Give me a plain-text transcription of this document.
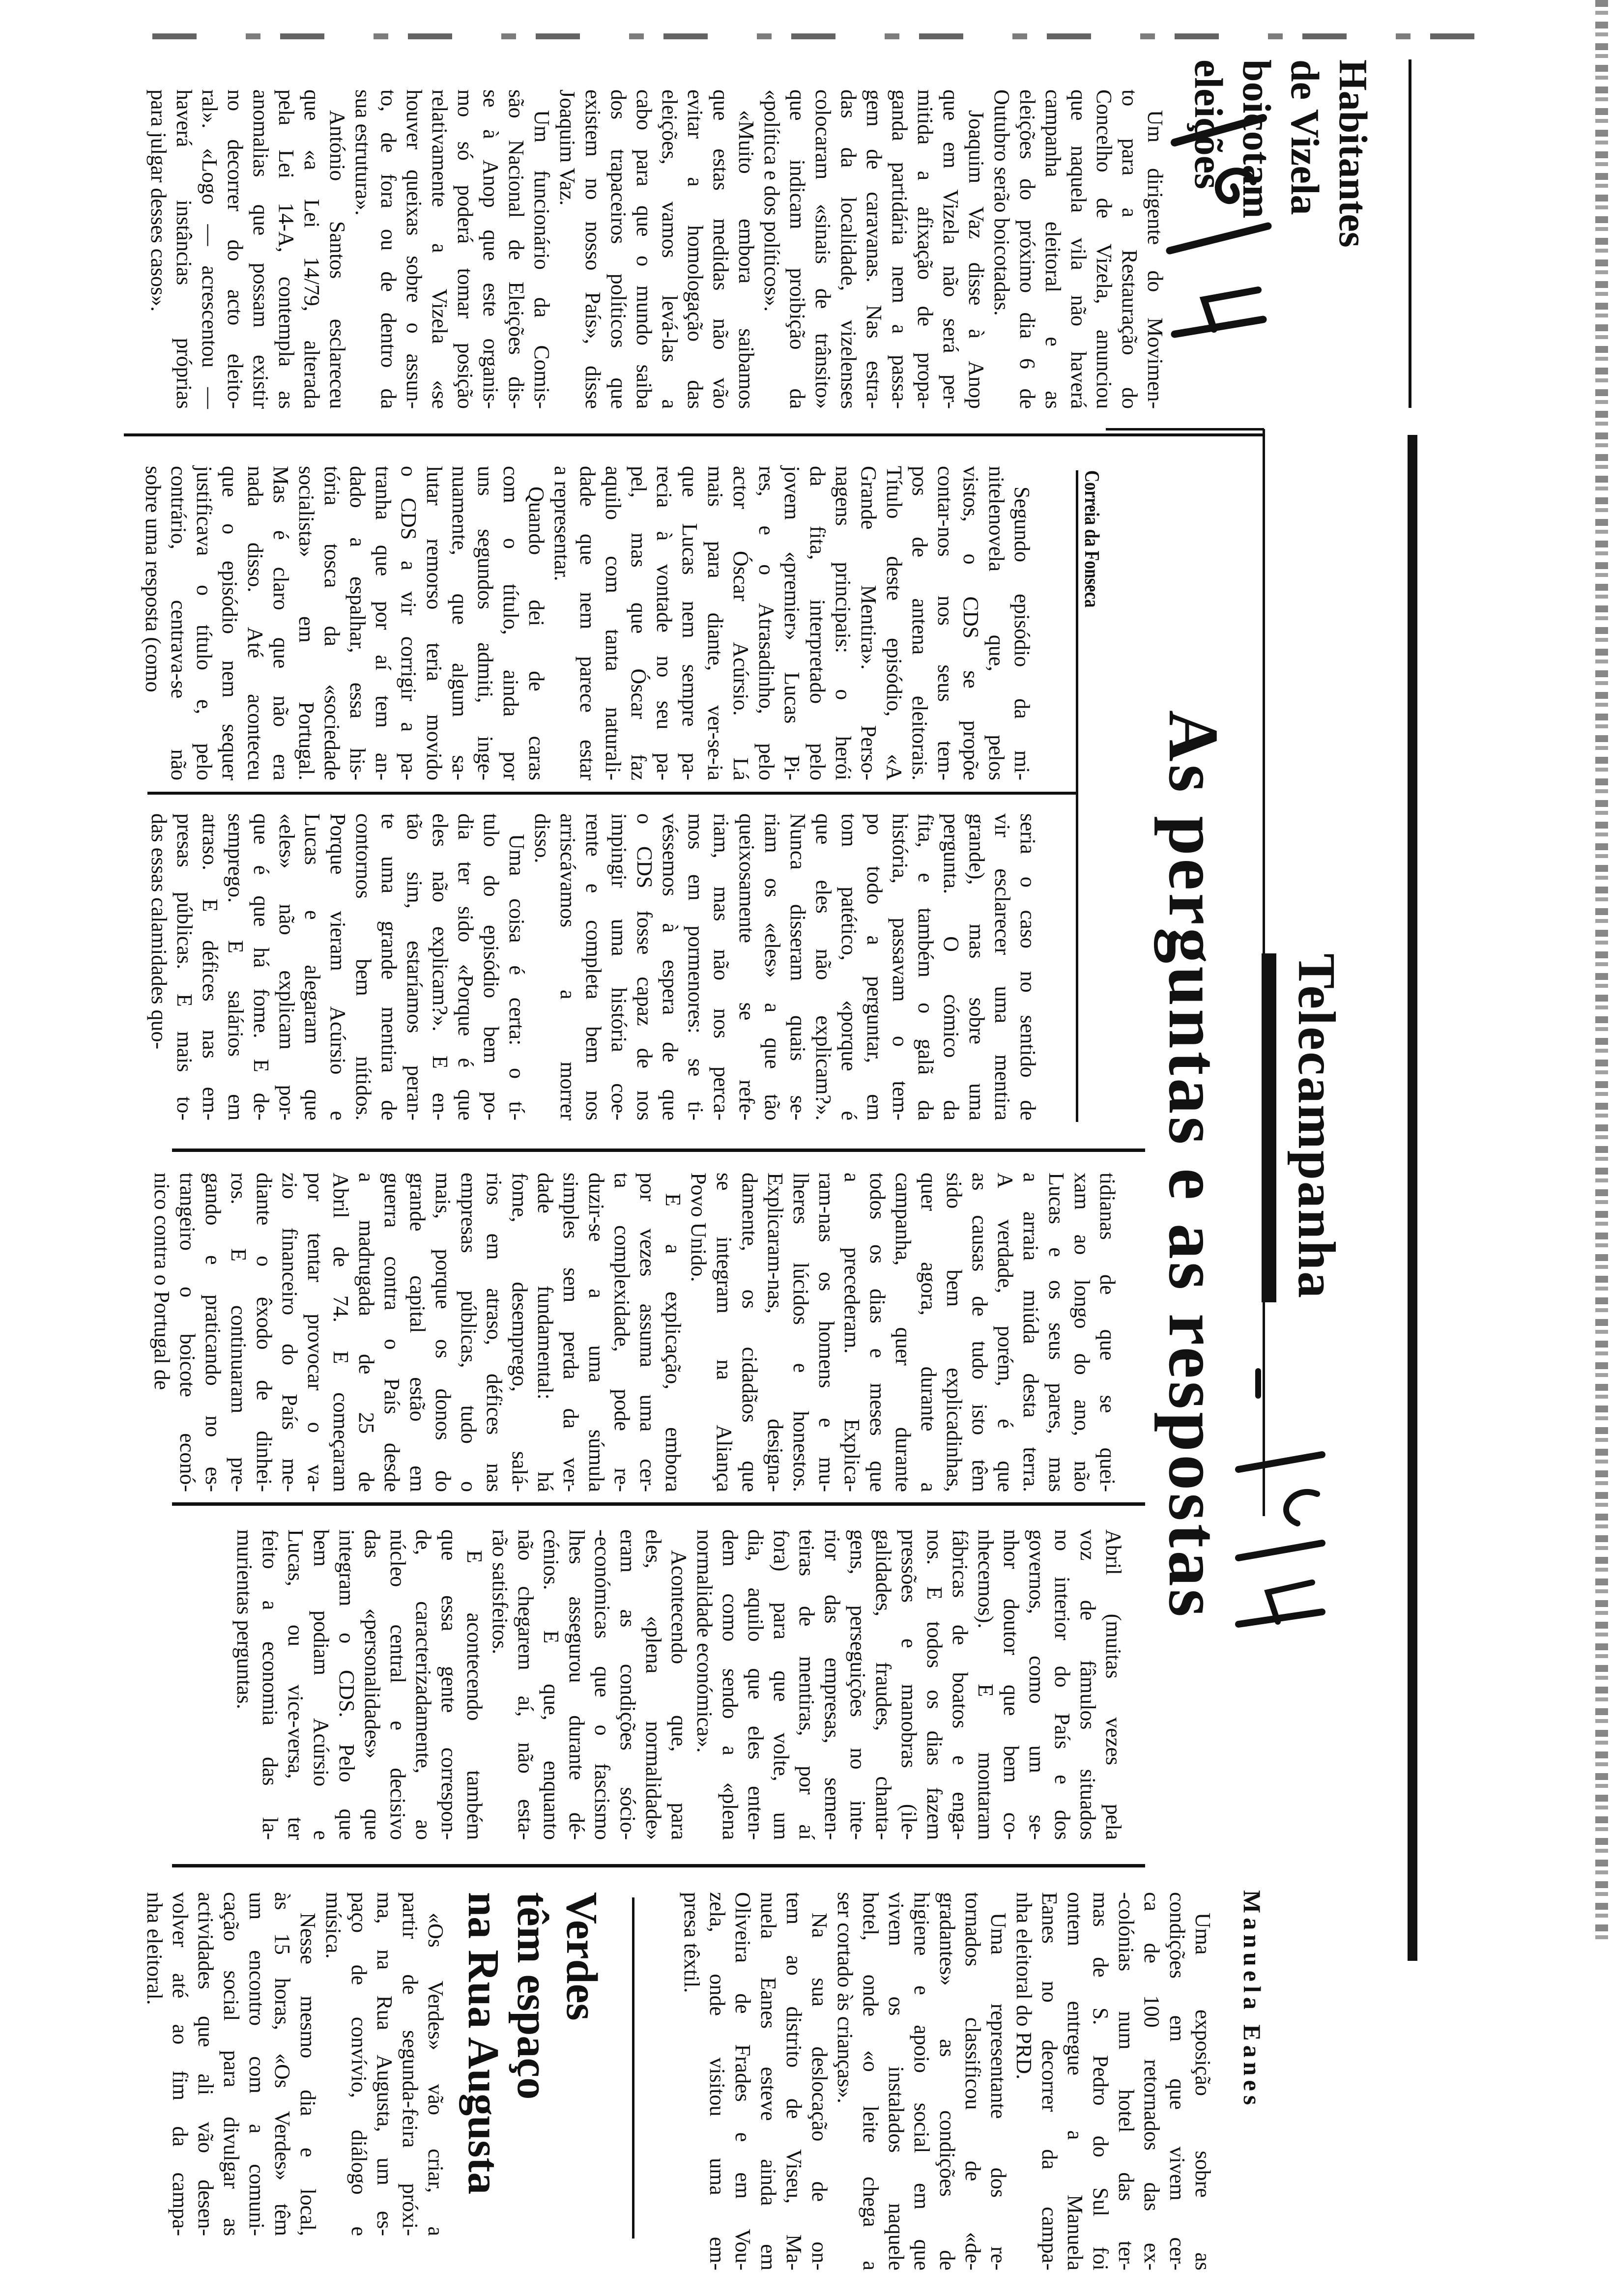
Habitantes
de Vizela
boicotam
eleições
Um dirigente do Movimen-
to para a Restauração do
Concelho de Vizela, anunciou
que naquela vila não haverá
campanha eleitoral e as
eleições do próximo dia 6 de
Outubro serão boicotadas.
Joaquim Vaz disse à Anop
que em Vizela não será per-
mitida a afixação de propa-
ganda partidária nem a passa-
gem de caravanas. Nas estra-
das da localidade, vizelenses
colocaram «sinais de trânsito»
que indicam proibição da
«política e dos políticos».
«Muito embora saibamos
que estas medidas não vão
evitar a homologação das
eleições, vamos levá-las a
cabo para que o mundo saiba
dos trapaceiros políticos que
existem no nosso País», disse
Joaquim Vaz.
Um funcionário da Comis-
são Nacional de Eleições dis-
se à Anop que este organis-
mo só poderá tomar posição
relativamente a Vizela «se
houver queixas sobre o assun-
to, de fora ou de dentro da
sua estrutura».
António Santos esclareceu
que «a Lei 14/79, alterada
pela Lei 14-A, contempla as
anomalias que possam existir
no decorrer do acto eleito-
ral». «Logo — acrescentou —
haverá instâncias próprias
para julgar desses casos».
Telecampanha
As perguntas e as respostas
Correia da Fonseca
Segundo episódio da mi-
nitelenovela que, pelos
vistos, o CDS se propõe
contar-nos nos seus tem-
pos de antena eleitorais.
Título deste episódio, «A
Grande Mentira». Perso-
nagens principais: o herói
da fita, interpretado pelo
jovem «premier» Lucas Pi-
res, e o Atrasadinho, pelo
actor Óscar Acúrsio. Lá
mais para diante, ver-se-ia
que Lucas nem sempre pa-
recia à vontade no seu pa-
pel, mas que Óscar faz
aquilo com tanta naturali-
dade que nem parece estar
a representar.
Quando dei de caras
com o título, ainda por
uns segundos admiti, inge-
nuamente, que algum sa-
lutar remorso teria movido
o CDS a vir corrigir a pa-
tranha que por aí tem an-
dado a espalhar, essa his-
tória tosca da «sociedade
socialista» em Portugal.
Mas é claro que não era
nada disso. Até aconteceu
que o episódio nem sequer
justificava o título e, pelo
contrário, centrava-se não
sobre uma resposta (como
seria o caso no sentido de
vir esclarecer uma mentira
grande), mas sobre uma
pergunta. O cómico da
fita, e também o galã da
história, passavam o tem-
po todo a perguntar, em
tom patético, «porque é
que eles não explicam?».
Nunca disseram quais se-
riam os «eles» a que tão
queixosamente se refe-
riam, mas não nos perca-
mos em pormenores: se ti-
véssemos à espera de que
o CDS fosse capaz de nos
impingir uma história coe-
rente e completa bem nos
arriscávamos a morrer
disso.
Uma coisa é certa: o tí-
tulo do episódio bem po-
dia ter sido «Porque é que
eles não explicam?». E en-
tão sim, estaríamos peran-
te uma grande mentira de
contornos bem nítidos.
Porque vieram Acúrsio e
Lucas e alegaram que
«eles» não explicam por-
que é que há fome. E de-
semprego. E salários em
atraso. E défices nas em-
presas públicas. E mais to-
das essas calamidades quo-
tidianas de que se quei-
xam ao longo do ano, não
Lucas e os seus pares, mas
a arraia miúda desta terra.
A verdade, porém, é que
as causas de tudo isto têm
sido bem explicadinhas,
quer agora, durante a
campanha, quer durante
todos os dias e meses que
a precederam. Explica-
ram-nas os homens e mu-
lheres lúcidos e honestos.
Explicaram-nas, designa-
damente, os cidadãos que
se integram na Aliança
Povo Unido.
E a explicação, embora
por vezes assuma uma cer-
ta complexidade, pode re-
duzir-se a uma súmula
simples sem perda da ver-
dade fundamental: há
fome, desemprego, salá-
rios em atraso, défices nas
empresas públicas, tudo o
mais, porque os donos do
grande capital estão em
guerra contra o País desde
a madrugada de 25 de
Abril de 74. E começaram
por tentar provocar o va-
zio financeiro do País me-
diante o êxodo de dinhei-
ros. E continuaram pre-
gando e praticando no es-
trangeiro o boicote econó-
nico contra o Portugal de
Abril (muitas vezes pela
voz de fâmulos situados
no interior do País e dos
governos, como um se-
nhor doutor que bem co-
nhecemos). E montaram
fábricas de boatos e enga-
nos. E todos os dias fazem
pressões e manobras (ile-
galidades, fraudes, chanta-
gens, perseguições no inte-
rior das empresas, semen-
teiras de mentiras, por aí
fora) para que volte, um
dia, aquilo que eles enten-
dem como sendo a «plena
normalidade económica».
Acontecendo que, para
eles, «plena normalidade»
eram as condições sócio-
-económicas que o fascismo
lhes assegurou durante dé-
cénios. E que, enquanto
não chegarem aí, não esta-
rão satisfeitos.
E acontecendo também
que essa gente correspon-
de, caracterizadamente, ao
núcleo central e decisivo
das «personalidades» que
integram o CDS. Pelo que
bem podiam Acúrsio e
Lucas, ou vice-versa, ter
feito a economia das la-
murientas perguntas.
Manuela Eanes
Uma exposição sobre as
condições em que vivem cer-
ca de 100 retornados das ex-
-colónias num hotel das ter-
mas de S. Pedro do Sul foi
ontem entregue a Manuela
Eanes no decorrer da campa-
nha eleitoral do PRD.
Uma representante dos re-
tornados classificou de «de-
gradantes» as condições de
higiene e apoio social em que
vivem os instalados naquele
hotel, onde «o leite chega a
ser cortado às crianças».
Na sua deslocação de on-
tem ao distrito de Viseu, Ma-
nuela Eanes esteve ainda em
Oliveira de Frades e em Vou-
zela, onde visitou uma em-
presa têxtil.
Verdes
têm espaço
na Rua Augusta
«Os Verdes» vão criar, a
partir de segunda-feira próxi-
ma, na Rua Augusta, um es-
paço de convívio, diálogo e
música.
Nesse mesmo dia e local,
às 15 horas, «Os Verdes» têm
um encontro com a comuni-
cação social para divulgar as
actividades que ali vão desen-
volver até ao fim da campa-
nha eleitoral.
